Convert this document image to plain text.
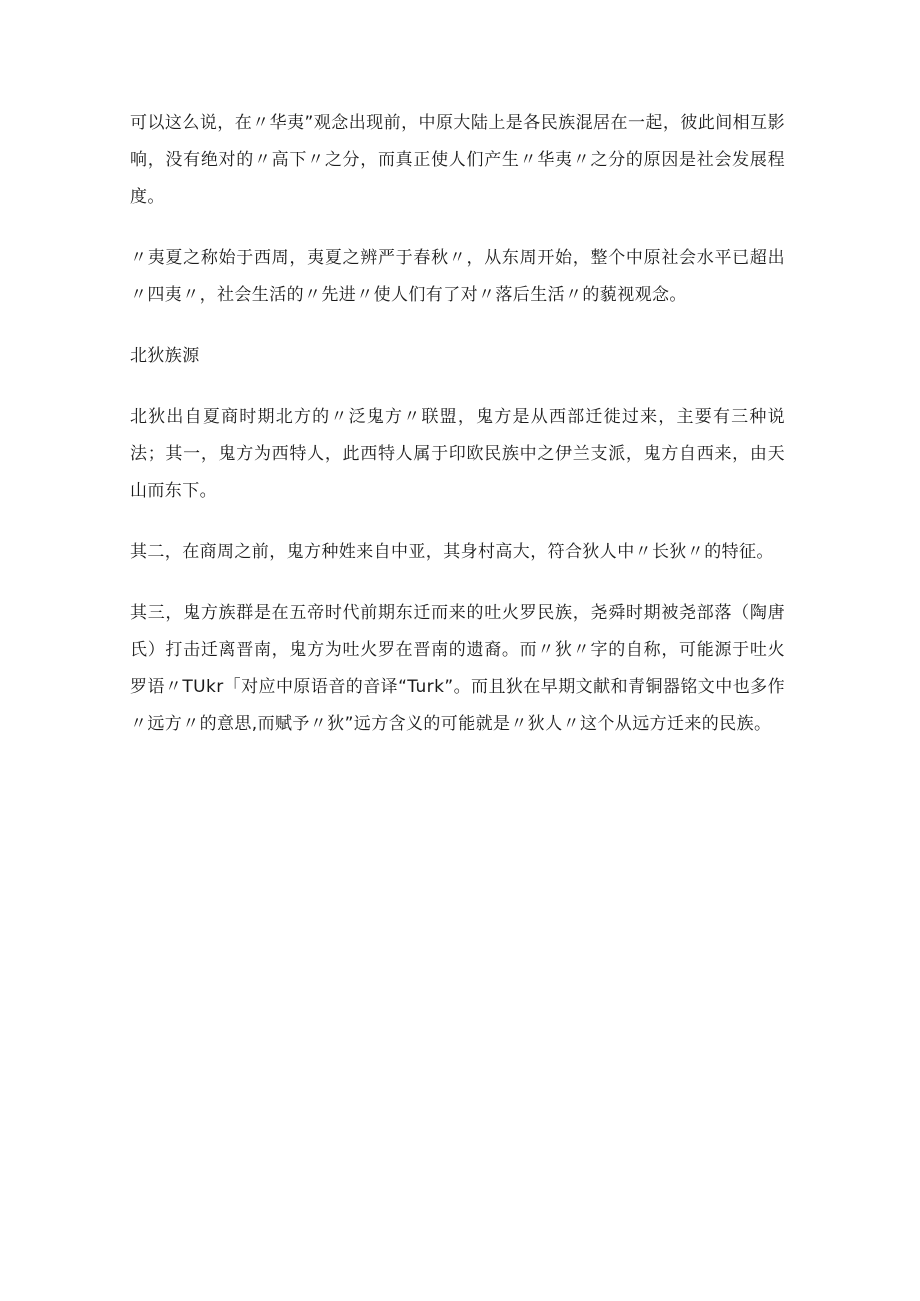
可以这么说，在〃华夷”观念出现前，中原大陆上是各民族混居在一起，彼此间相互影响，没有绝对的〃高下〃之分，而真正使人们产生〃华夷〃之分的原因是社会发展程度。

〃夷夏之称始于西周，夷夏之辨严于春秋〃，从东周开始，整个中原社会水平已超出〃四夷〃，社会生活的〃先进〃使人们有了对〃落后生活〃的藐视观念。

北狄族源

北狄出自夏商时期北方的〃泛鬼方〃联盟，鬼方是从西部迁徙过来，主要有三种说法；其一，鬼方为西特人，此西特人属于印欧民族中之伊兰支派，鬼方自西来，由天山而东下。

其二，在商周之前，鬼方种姓来自中亚，其身村高大，符合狄人中〃长狄〃的特征。

其三，鬼方族群是在五帝时代前期东迁而来的吐火罗民族，尧舜时期被尧部落（陶唐氏）打击迁离晋南，鬼方为吐火罗在晋南的遗裔。而〃狄〃字的自称，可能源于吐火罗语〃TUkr「对应中原语音的音译“Turk”。而且狄在早期文献和青铜器铭文中也多作〃远方〃的意思,而赋予〃狄”远方含义的可能就是〃狄人〃这个从远方迁来的民族。
